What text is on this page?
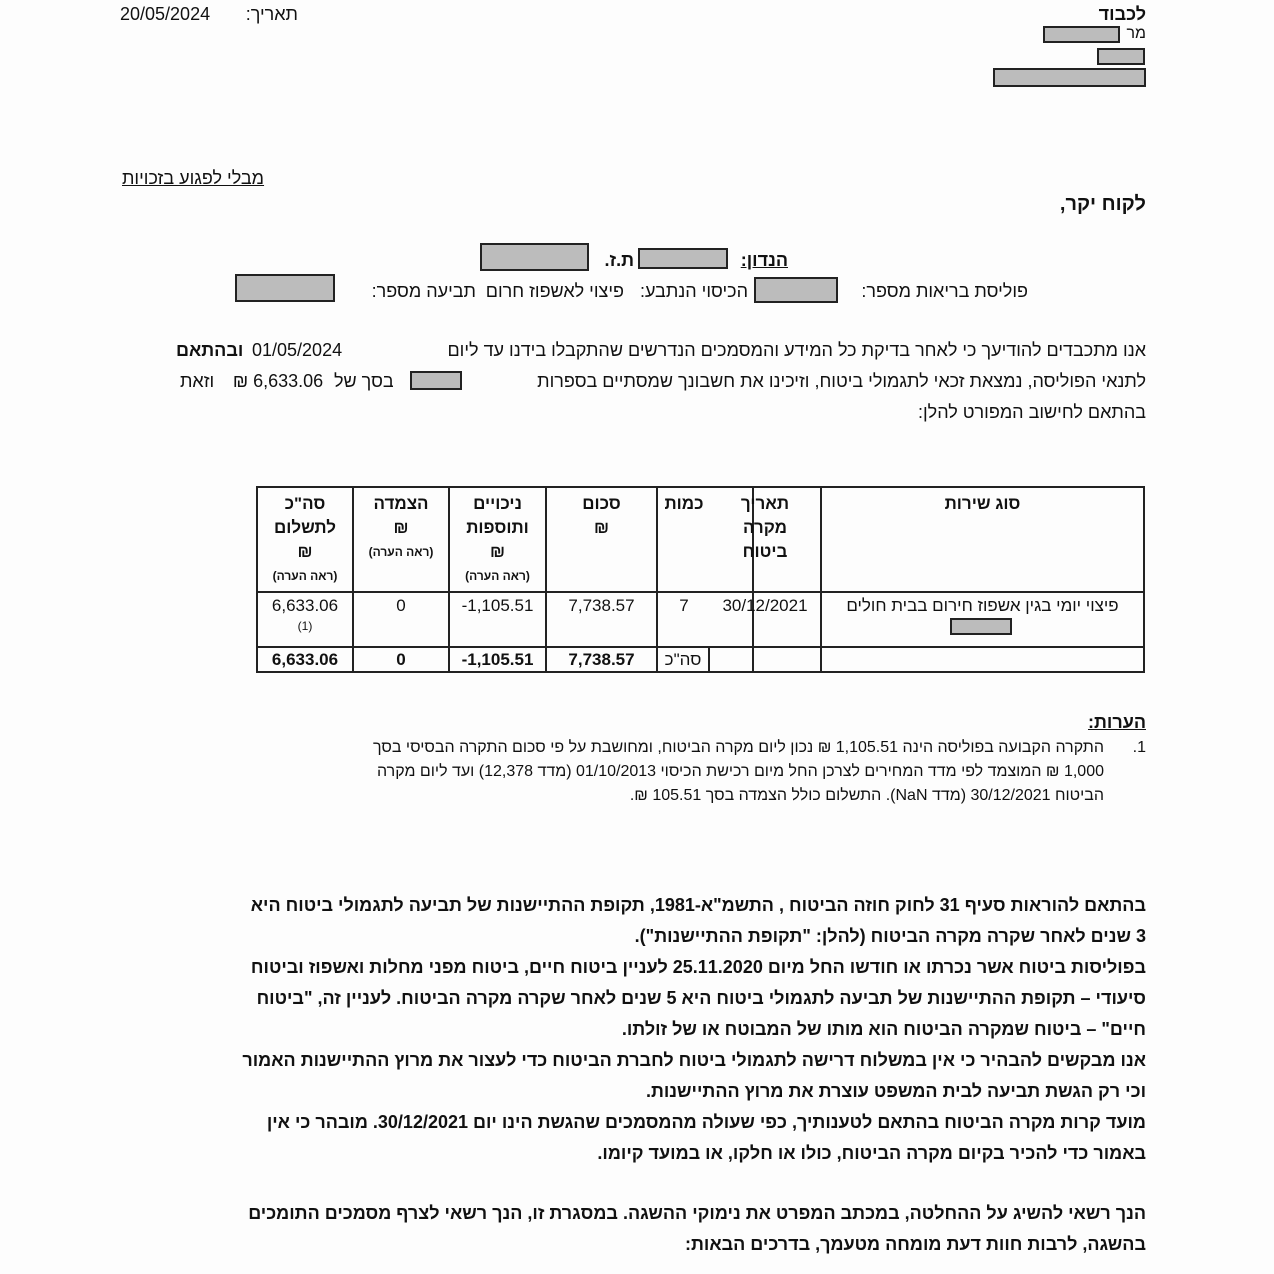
תאריך:
20/05/2024	לכבוד
מר
מבלי לפגוע בזכויות
לקוח יקר,
הנדון:
ת.ז.
פוליסת בריאות מספר:
הכיסוי הנתבע:
פיצוי לאשפוז חרום
תביעה מספר:
אנו מתכבדים להודיעך כי לאחר בדיקת כל המידע והמסמכים הנדרשים שהתקבלו בידנו עד ליום
01/05/2024
ובהתאם
לתנאי הפוליסה, נמצאת זכאי לתגמולי ביטוח, וזיכינו את חשבונך שמסתיים בספרות
בסך של
6,633.06 ₪
וזאת
בהתאם לחישוב המפורט להלן:
סוג שירות
תאריך
מקרה
ביטוח
כמות
סכום
₪
ניכויים
ותוספות
₪
(ראה הערה)
הצמדה
₪
(ראה הערה)
סה"כ
לתשלום
₪
(ראה הערה)
פיצוי יומי בגין אשפוז חירום בבית חולים
30/12/2021
7
7,738.57
-1,105.51
0
6,633.06
(1)
סה"כ
7,738.57
-1,105.51
0
6,633.06
הערות:
1.
התקרה הקבועה בפוליסה הינה 1,105.51 ₪ נכון ליום מקרה הביטוח, ומחושבת על פי סכום התקרה הבסיסי בסך
1,000 ₪ המוצמד לפי מדד המחירים לצרכן החל מיום רכישת הכיסוי 01/10/2013 (מדד 12,378) ועד ליום מקרה
הביטוח 30/12/2021 (מדד NaN). התשלום כולל הצמדה בסך 105.51 ₪.
בהתאם להוראות סעיף 31 לחוק חוזה הביטוח , התשמ"א-1981, תקופת ההתיישנות של תביעה לתגמולי ביטוח היא
3 שנים לאחר שקרה מקרה הביטוח (להלן: "תקופת ההתיישנות").
בפוליסות ביטוח אשר נכרתו או חודשו החל מיום 25.11.2020 לעניין ביטוח חיים, ביטוח מפני מחלות ואשפוז וביטוח
סיעודי – תקופת ההתיישנות של תביעה לתגמולי ביטוח היא 5 שנים לאחר שקרה מקרה הביטוח. לעניין זה, "ביטוח
חיים" – ביטוח שמקרה הביטוח הוא מותו של המבוטח או של זולתו.
אנו מבקשים להבהיר כי אין במשלוח דרישה לתגמולי ביטוח לחברת הביטוח כדי לעצור את מרוץ ההתיישנות האמור
וכי רק הגשת תביעה לבית המשפט עוצרת את מרוץ ההתיישנות.
מועד קרות מקרה הביטוח בהתאם לטענותיך, כפי שעולה מהמסמכים שהגשת הינו יום 30/12/2021. מובהר כי אין
באמור כדי להכיר בקיום מקרה הביטוח, כולו או חלקו, או במועד קיומו.
הנך רשאי להשיג על ההחלטה, במכתב המפרט את נימוקי ההשגה. במסגרת זו, הנך רשאי לצרף מסמכים התומכים
בהשגה, לרבות חוות דעת מומחה מטעמך, בדרכים הבאות:
